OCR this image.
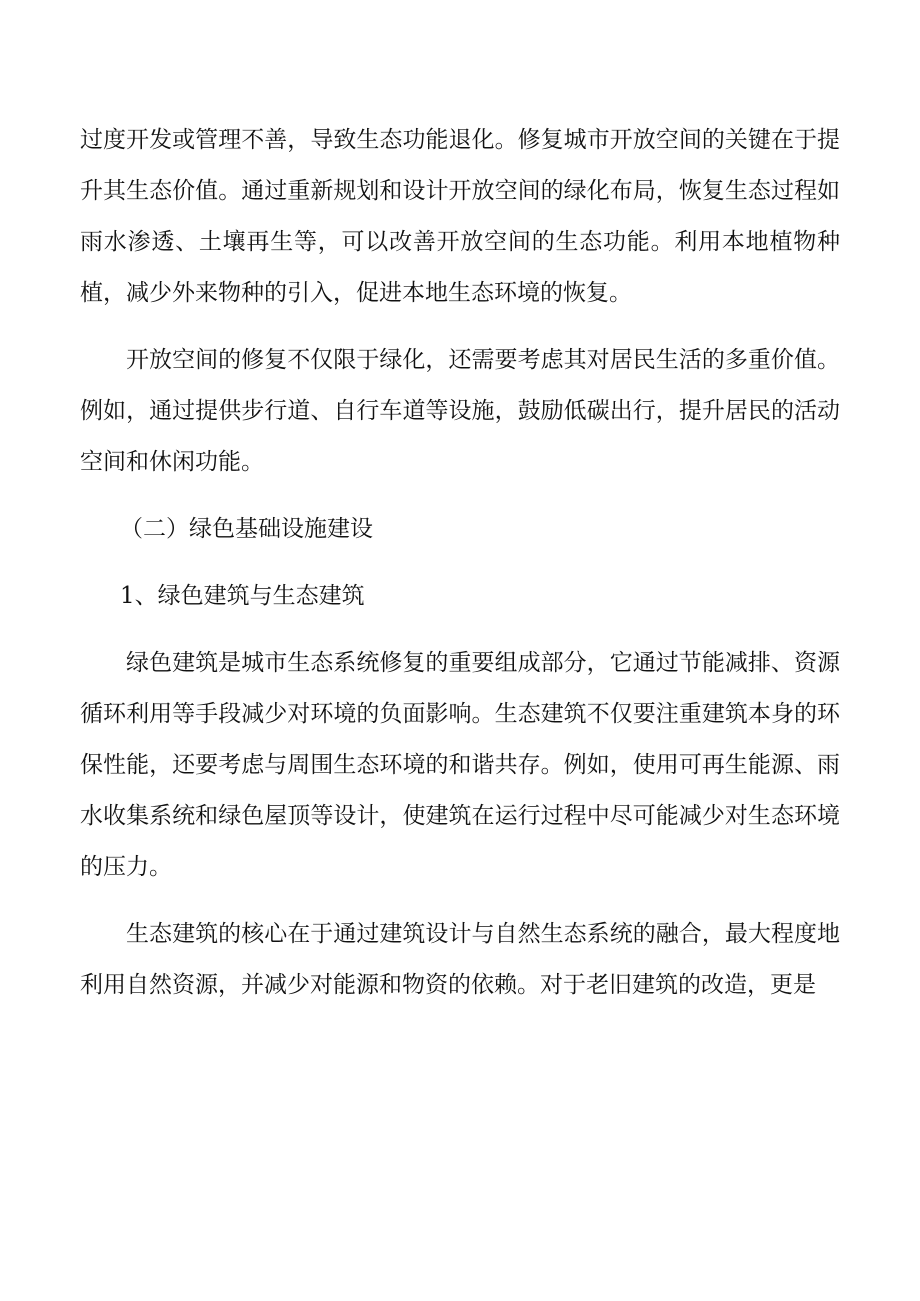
过度开发或管理不善，导致生态功能退化。修复城市开放空间的关键在于提升其生态价值。通过重新规划和设计开放空间的绿化布局，恢复生态过程如雨水渗透、土壤再生等，可以改善开放空间的生态功能。利用本地植物种植，减少外来物种的引入，促进本地生态环境的恢复。

开放空间的修复不仅限于绿化，还需要考虑其对居民生活的多重价值。例如，通过提供步行道、自行车道等设施，鼓励低碳出行，提升居民的活动空间和休闲功能。

（二）绿色基础设施建设
1、绿色建筑与生态建筑

绿色建筑是城市生态系统修复的重要组成部分，它通过节能减排、资源循环利用等手段减少对环境的负面影响。生态建筑不仅要注重建筑本身的环保性能，还要考虑与周围生态环境的和谐共存。例如，使用可再生能源、雨水收集系统和绿色屋顶等设计，使建筑在运行过程中尽可能减少对生态环境的压力。

生态建筑的核心在于通过建筑设计与自然生态系统的融合，最大程度地利用自然资源，并减少对能源和物资的依赖。对于老旧建筑的改造，更是
